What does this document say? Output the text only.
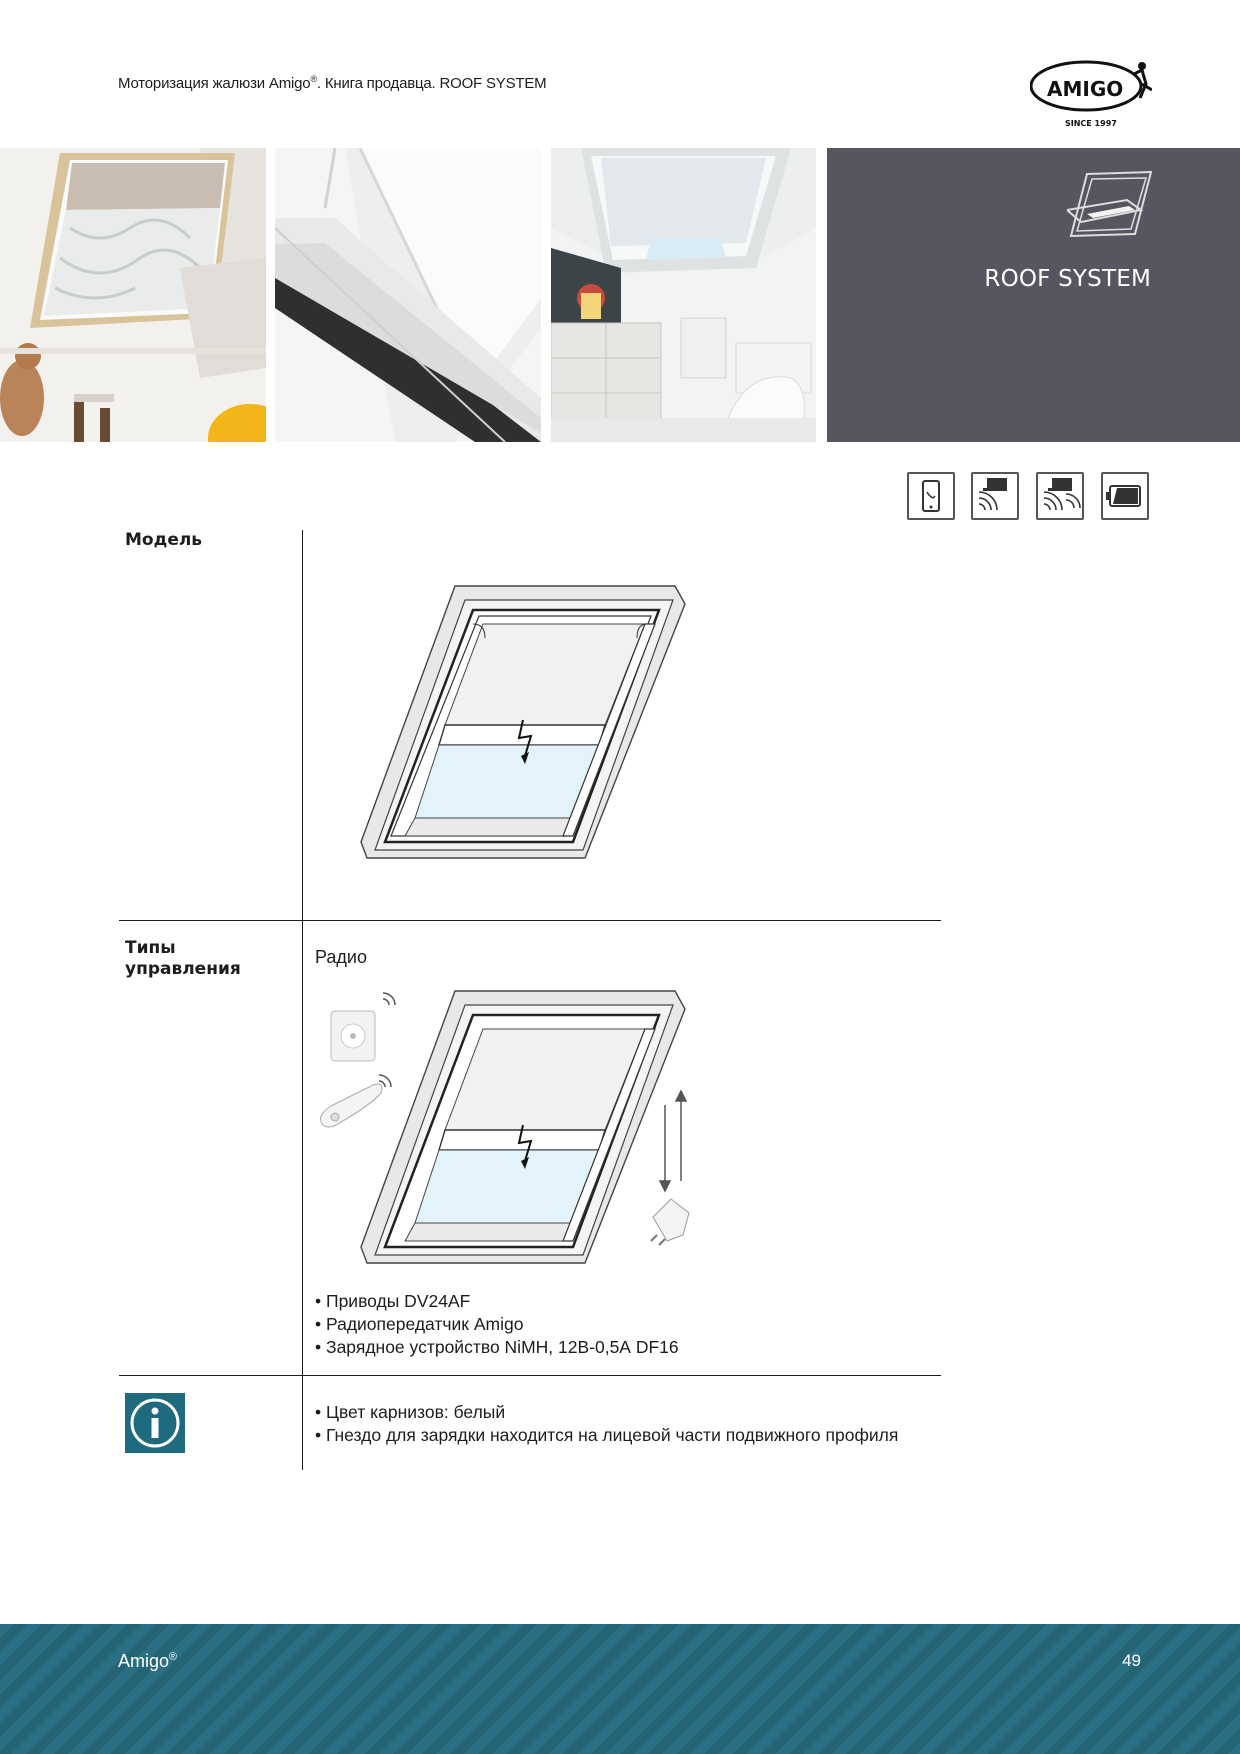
Моторизация жалюзи Amigo®. Книга продавца. ROOF SYSTEM	AMIGO
SINCE 1997
ROOF SYSTEM
Модель
Типы управления
Радио
• Приводы DV24AF
• Радиопередатчик Amigo
• Зарядное устройство NiMH, 12В-0,5А DF16
• Цвет карнизов: белый
• Гнездо для зарядки находится на лицевой части подвижного профиля
Amigo®	49
